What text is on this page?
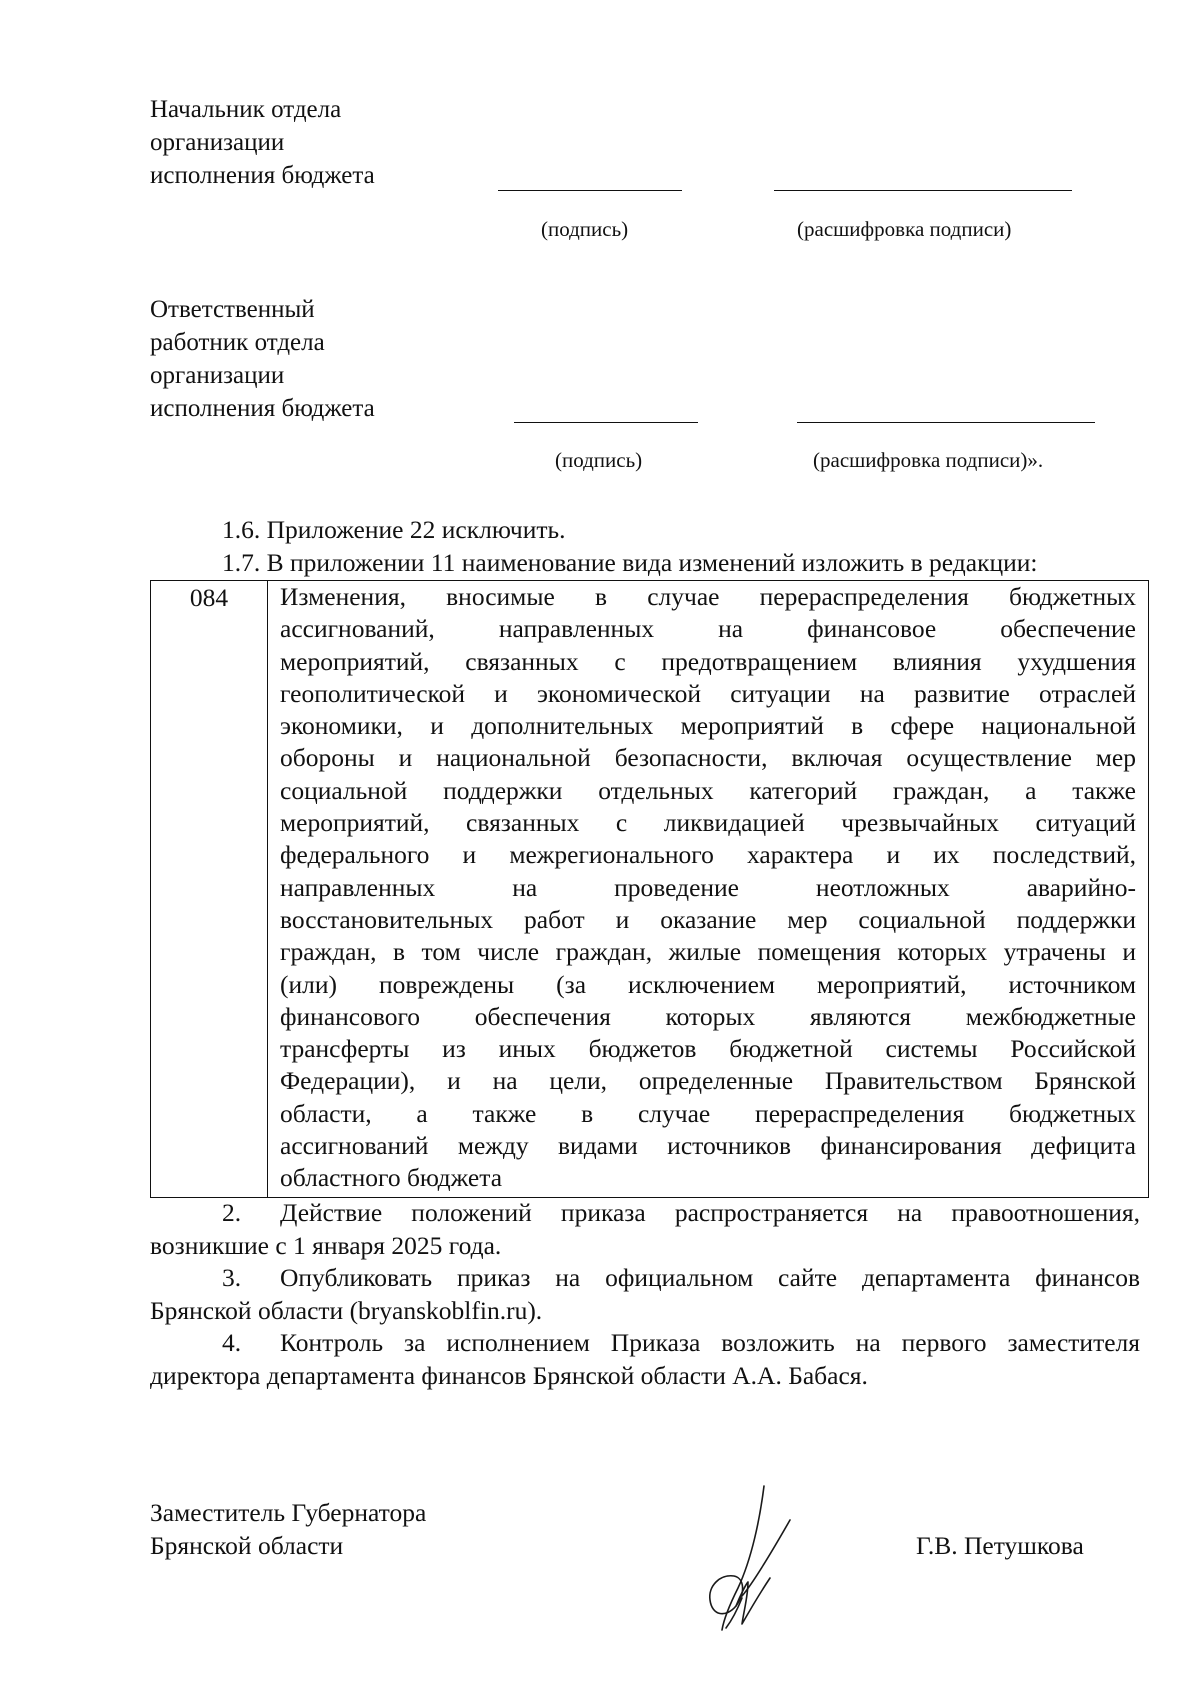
Начальник отдела
организации
исполнения бюджета
(подпись)	(расшифровка подписи)
Ответственный
работник отдела
организации
исполнения бюджета
(подпись)	(расшифровка подписи)».
1.6. Приложение 22 исключить.
1.7. В приложении 11 наименование вида изменений изложить в редакции:
084	Изменения, вносимые в случае перераспределения бюджетных
ассигнований, направленных на финансовое обеспечение
мероприятий, связанных с предотвращением влияния ухудшения
геополитической и экономической ситуации на развитие отраслей
экономики, и дополнительных мероприятий в сфере национальной
обороны и национальной безопасности, включая осуществление мер
социальной поддержки отдельных категорий граждан, а также
мероприятий, связанных с ликвидацией чрезвычайных ситуаций
федерального и межрегионального характера и их последствий,
направленных на проведение неотложных аварийно-
восстановительных работ и оказание мер социальной поддержки
граждан, в том числе граждан, жилые помещения которых утрачены и
(или) повреждены (за исключением мероприятий, источником
финансового обеспечения которых являются межбюджетные
трансферты из иных бюджетов бюджетной системы Российской
Федерации), и на цели, определенные Правительством Брянской
области, а также в случае перераспределения бюджетных
ассигнований между видами источников финансирования дефицита
областного бюджета
2. Действие положений приказа распространяется на правоотношения,
возникшие с 1 января 2025 года.
3. Опубликовать приказ на официальном сайте департамента финансов
Брянской области (bryanskoblfin.ru).
4. Контроль за исполнением Приказа возложить на первого заместителя
директора департамента финансов Брянской области А.А. Бабася.
Заместитель Губернатора
Брянской области	Г.В. Петушкова
